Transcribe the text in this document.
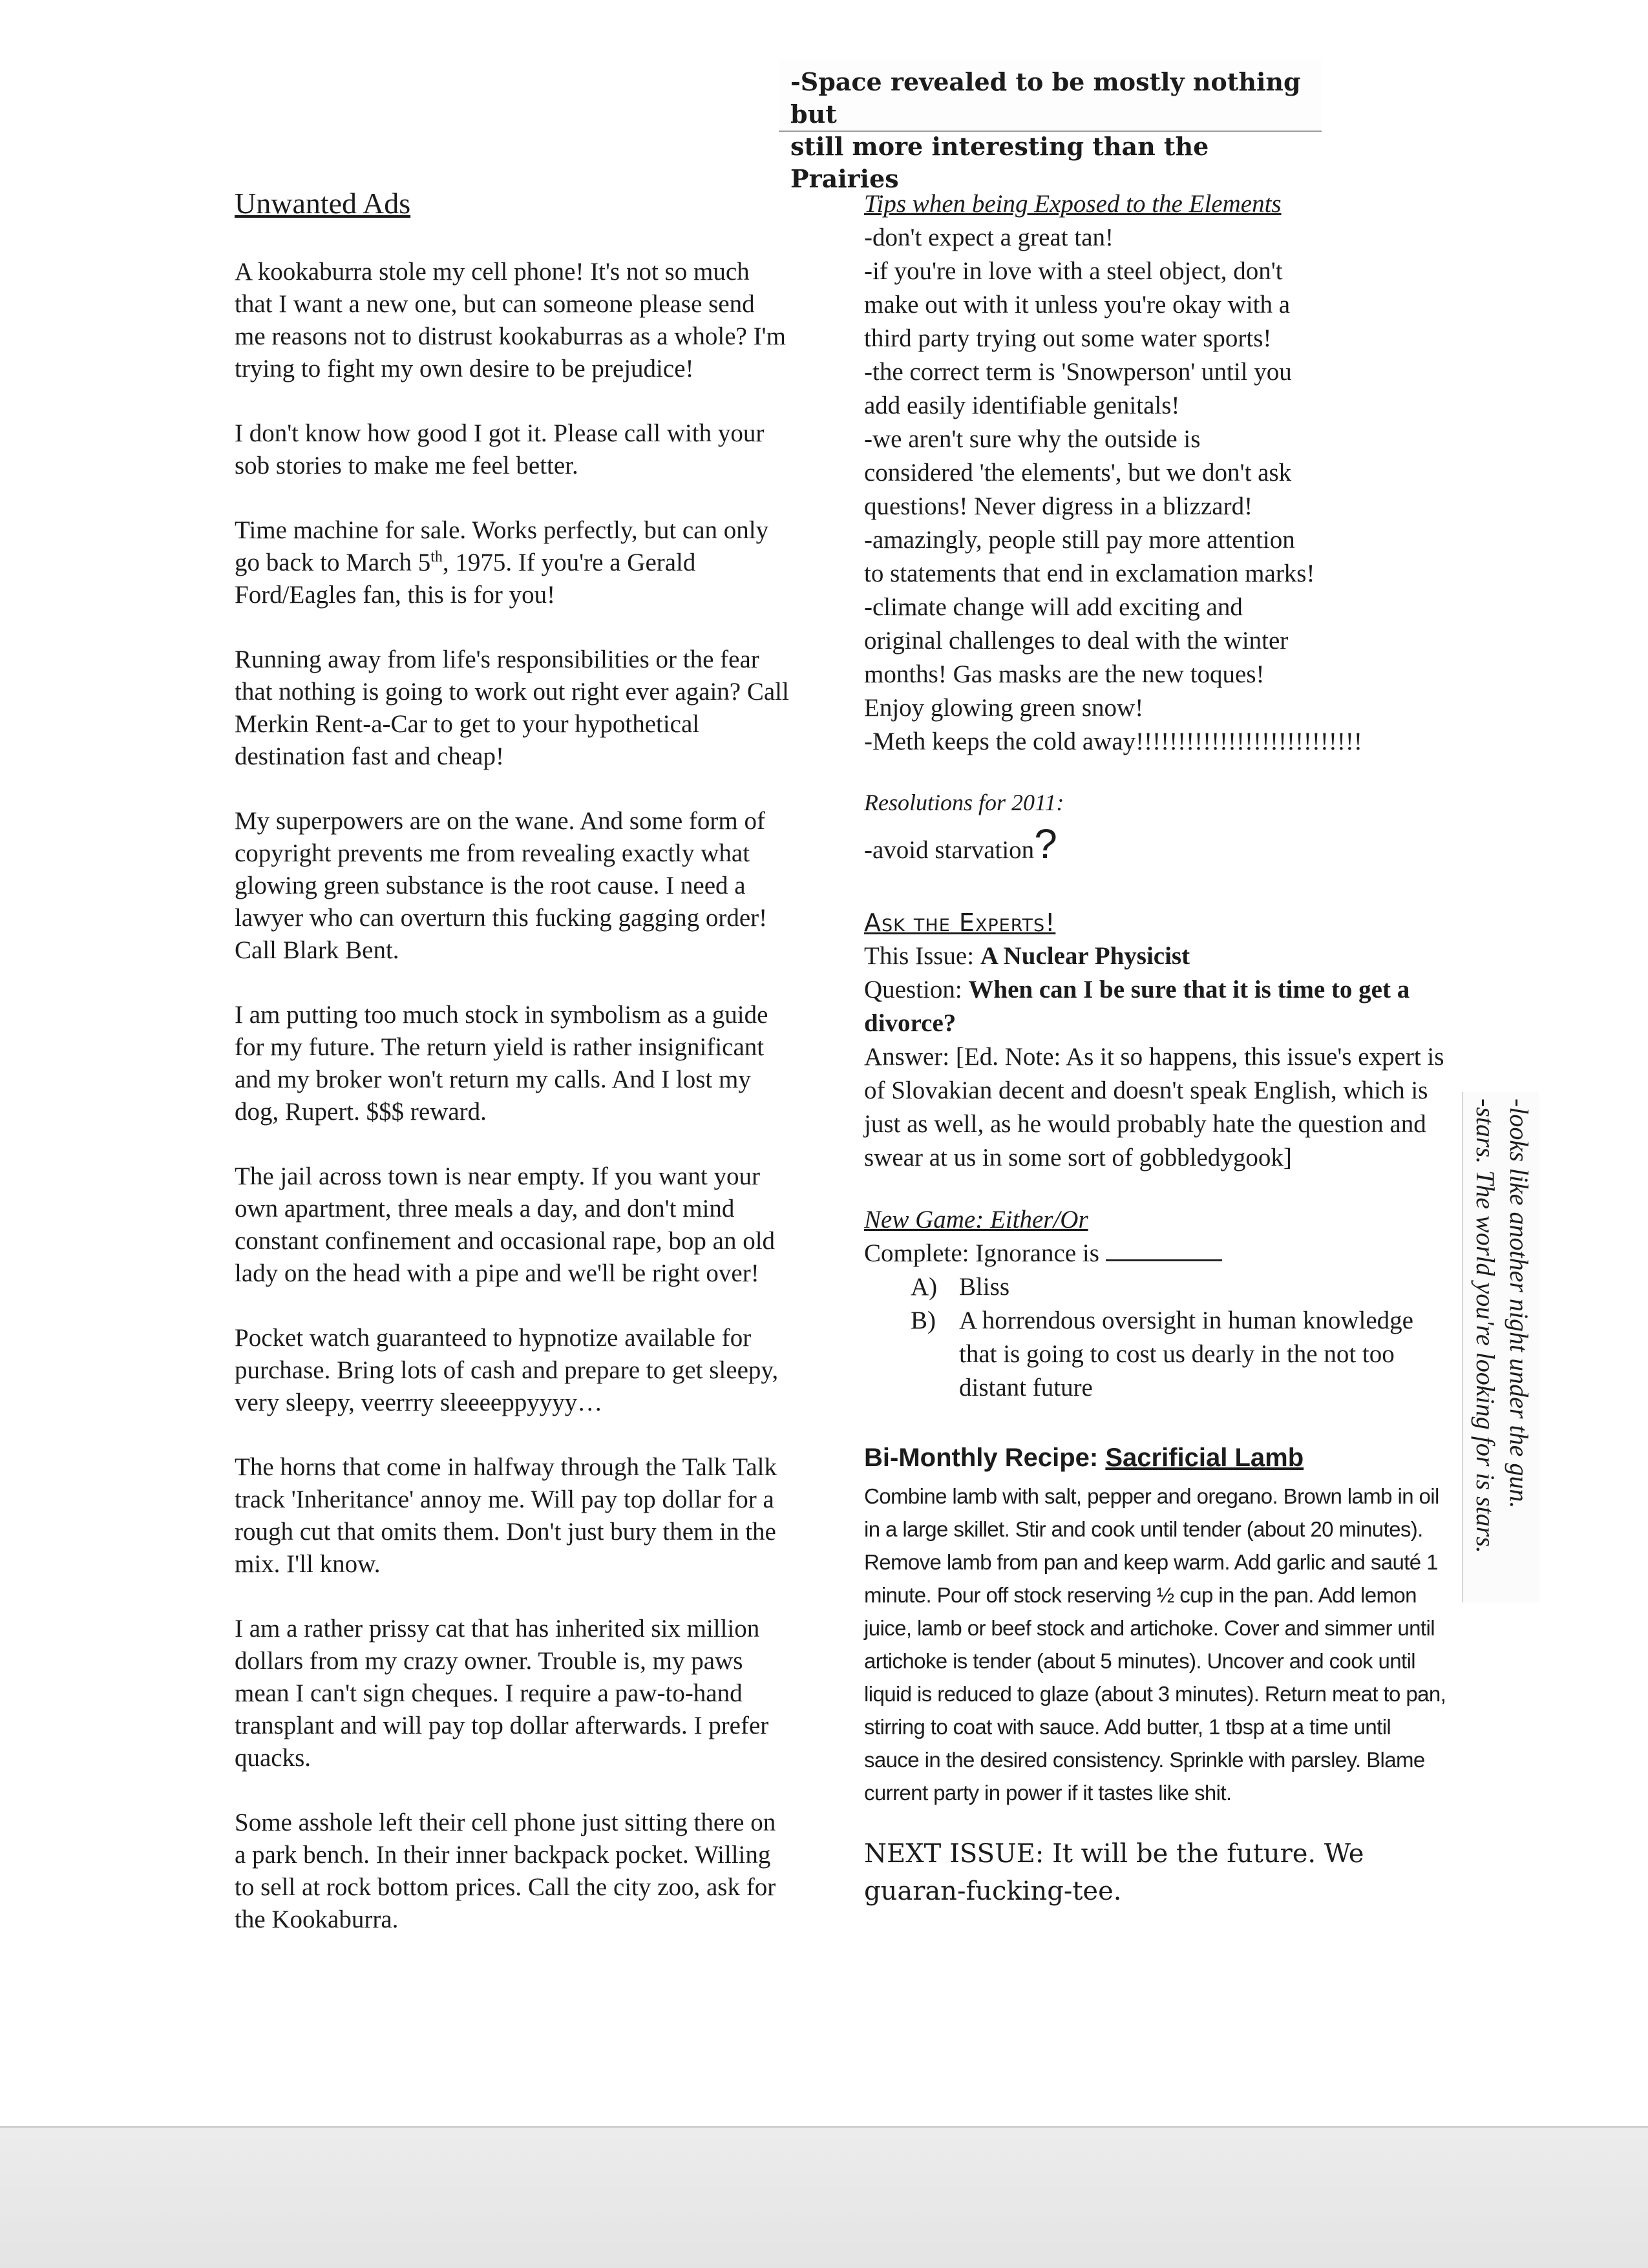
-Space revealed to be mostly nothing but
still more interesting than the Prairies
-looks like another night under the gun.
-stars. The world you're looking for is stars.
Unwanted Ads

A kookaburra stole my cell phone! It's not so much that I want a new one, but can someone please send me reasons not to distrust kookaburras as a whole? I'm trying to fight my own desire to be prejudice!

I don't know how good I got it. Please call with your sob stories to make me feel better.

Time machine for sale. Works perfectly, but can only go back to March 5th, 1975. If you're a Gerald Ford/Eagles fan, this is for you!

Running away from life's responsibilities or the fear that nothing is going to work out right ever again? Call Merkin Rent-a-Car to get to your hypothetical destination fast and cheap!

My superpowers are on the wane. And some form of copyright prevents me from revealing exactly what glowing green substance is the root cause. I need a lawyer who can overturn this fucking gagging order! Call Blark Bent.

I am putting too much stock in symbolism as a guide for my future. The return yield is rather insignificant and my broker won't return my calls. And I lost my dog, Rupert. $$$ reward.

The jail across town is near empty. If you want your own apartment, three meals a day, and don't mind constant confinement and occasional rape, bop an old lady on the head with a pipe and we'll be right over!

Pocket watch guaranteed to hypnotize available for purchase. Bring lots of cash and prepare to get sleepy, very sleepy, veerrry sleeeeppyyyy…

The horns that come in halfway through the Talk Talk track 'Inheritance' annoy me. Will pay top dollar for a rough cut that omits them. Don't just bury them in the mix. I'll know.

I am a rather prissy cat that has inherited six million dollars from my crazy owner. Trouble is, my paws mean I can't sign cheques. I require a paw-to-hand transplant and will pay top dollar afterwards. I prefer quacks.

Some asshole left their cell phone just sitting there on a park bench. In their inner backpack pocket. Willing to sell at rock bottom prices. Call the city zoo, ask for the Kookaburra.

Tips when being Exposed to the Elements

-don't expect a great tan!

-if you're in love with a steel object, don't

make out with it unless you're okay with a

third party trying out some water sports!

-the correct term is 'Snowperson' until you

add easily identifiable genitals!

-we aren't sure why the outside is

considered 'the elements', but we don't ask

questions! Never digress in a blizzard!

-amazingly, people still pay more attention

to statements that end in exclamation marks!

-climate change will add exciting and

original challenges to deal with the winter

months! Gas masks are the new toques!

Enjoy glowing green snow!

-Meth keeps the cold away!!!!!!!!!!!!!!!!!!!!!!!!!!!

Resolutions for 2011:
-avoid starvation?
Ask the Experts!
This Issue: A Nuclear Physicist
Question: When can I be sure that it is time to get a divorce?
Answer: [Ed. Note: As it so happens, this issue's expert is of Slovakian decent and doesn't speak English, which is just as well, as he would probably hate the question and swear at us in some sort of gobbledygook]
New Game: Either/Or
Complete: Ignorance is
A) Bliss
B) A horrendous oversight in human knowledge that is going to cost us dearly in the not too distant future
Bi-Monthly Recipe: Sacrificial Lamb
Combine lamb with salt, pepper and oregano. Brown lamb in oil in a large skillet. Stir and cook until tender (about 20 minutes). Remove lamb from pan and keep warm. Add garlic and sauté 1 minute. Pour off stock reserving ½ cup in the pan. Add lemon juice, lamb or beef stock and artichoke. Cover and simmer until artichoke is tender (about 5 minutes). Uncover and cook until liquid is reduced to glaze (about 3 minutes). Return meat to pan, stirring to coat with sauce. Add butter, 1 tbsp at a time until sauce in the desired consistency. Sprinkle with parsley. Blame current party in power if it tastes like shit.
NEXT ISSUE: It will be the future. We guaran-fucking-tee.
